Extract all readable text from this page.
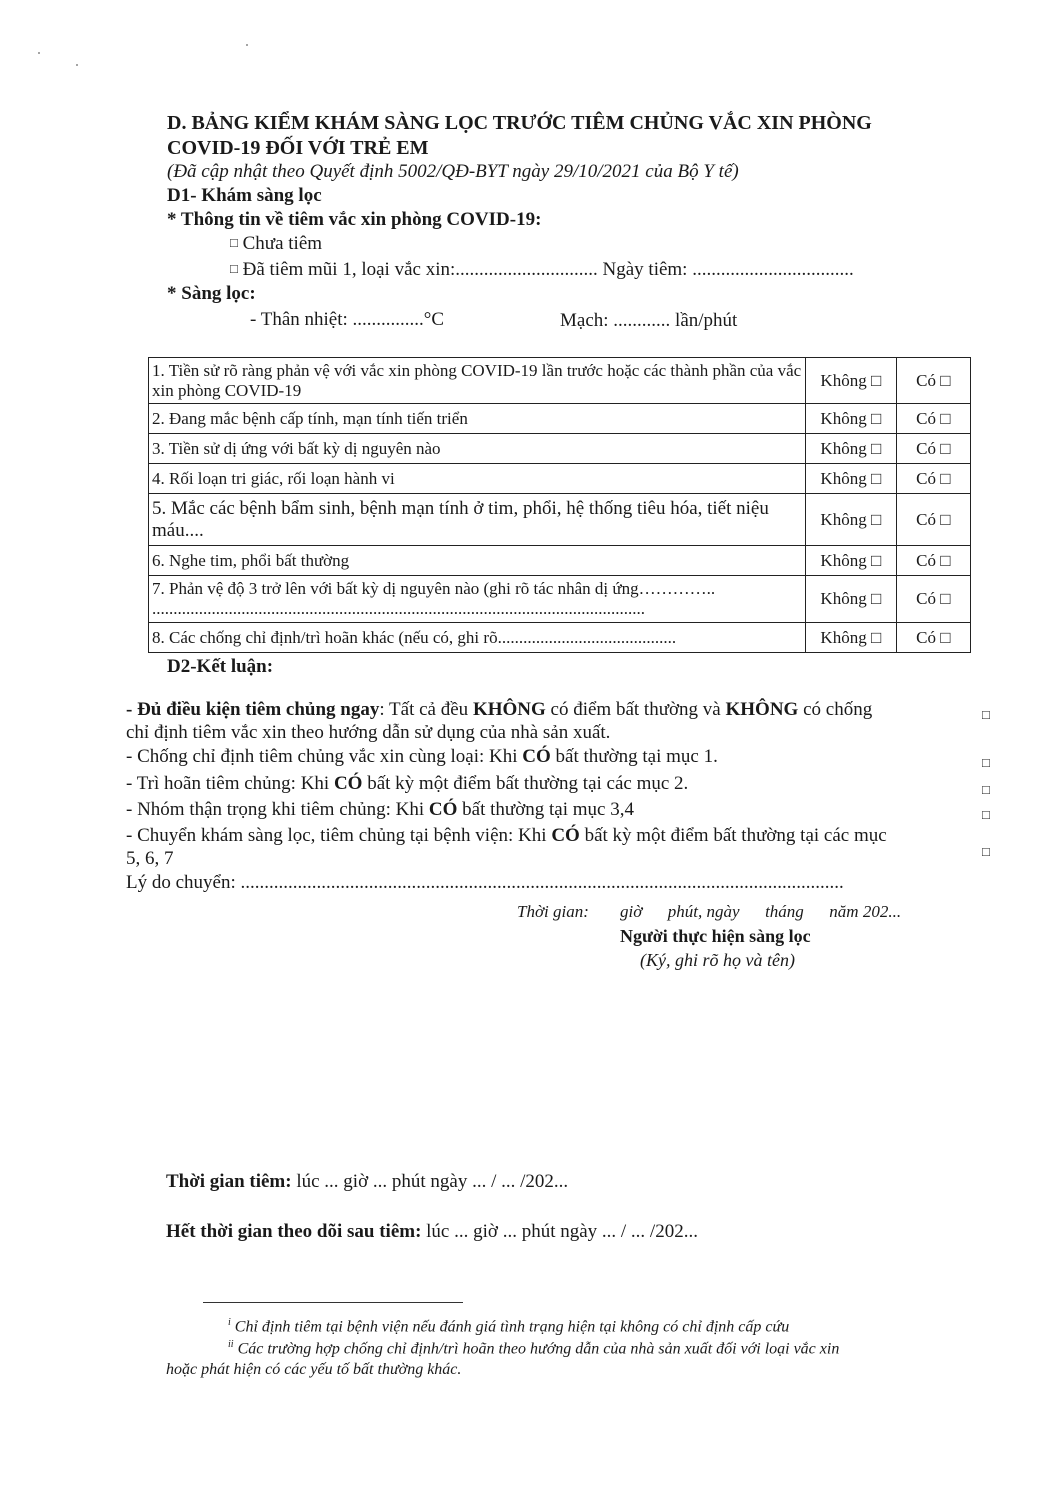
D. BẢNG KIỂM KHÁM SÀNG LỌC TRƯỚC TIÊM CHỦNG VẮC XIN PHÒNG
COVID-19 ĐỐI VỚI TRẺ EM
(Đã cập nhật theo Quyết định 5002/QĐ-BYT ngày 29/10/2021 của Bộ Y tế)
D1- Khám sàng lọc
* Thông tin về tiêm vắc xin phòng COVID-19:
□ Chưa tiêm
□ Đã tiêm mũi 1, loại vắc xin:.............................. Ngày tiêm: ..................................
* Sàng lọc:
- Thân nhiệt: ...............°C	Mạch: ............ lần/phút
1. Tiền sử rõ ràng phản vệ với vắc xin phòng COVID-19 lần trước hoặc các thành phần của vắc xin phòng COVID-19	Không □	Có □
2. Đang mắc bệnh cấp tính, mạn tính tiến triển	Không □	Có □
3. Tiền sử dị ứng với bất kỳ dị nguyên nào	Không □	Có □
4. Rối loạn tri giác, rối loạn hành vi	Không □	Có □
5. Mắc các bệnh bẩm sinh, bệnh mạn tính ở tim, phổi, hệ thống tiêu hóa, tiết niệu máu....	Không □	Có □
6. Nghe tim, phổi bất thường	Không □	Có □
7. Phản vệ độ 3 trở lên với bất kỳ dị nguyên nào (ghi rõ tác nhân dị ứng………….. ....................................................................................................................	Không □	Có □
8. Các chống chỉ định/trì hoãn khác (nếu có, ghi rõ..........................................	Không □	Có □
D2-Kết luận:
- Đủ điều kiện tiêm chủng ngay: Tất cả đều KHÔNG có điểm bất thường và KHÔNG có chống
chỉ định tiêm vắc xin theo hướng dẫn sử dụng của nhà sản xuất.
□
- Chống chỉ định tiêm chủng vắc xin cùng loại: Khi CÓ bất thường tại mục 1.	□
- Trì hoãn tiêm chủng: Khi CÓ bất kỳ một điểm bất thường tại các mục 2.	□
- Nhóm thận trọng khi tiêm chủng: Khi CÓ bất thường tại mục 3,4	□
- Chuyển khám sàng lọc, tiêm chủng tại bệnh viện: Khi CÓ bất kỳ một điểm bất thường tại các mục
5, 6, 7	□
Lý do chuyển: ...............................................................................................................................
Thời gian: giờ      phút, ngày      tháng      năm 202...
Người thực hiện sàng lọc
(Ký, ghi rõ họ và tên)
Thời gian tiêm: lúc ... giờ ... phút ngày ... / ... /202...
Hết thời gian theo dõi sau tiêm: lúc ... giờ ... phút ngày ... / ... /202...
$^i$ Chỉ định tiêm tại bệnh viện nếu đánh giá tình trạng hiện tại không có chỉ định cấp cứu
$^{ii}$ Các trường hợp chống chỉ định/trì hoãn theo hướng dẫn của nhà sản xuất đối với loại vắc xin
hoặc phát hiện có các yếu tố bất thường khác.
